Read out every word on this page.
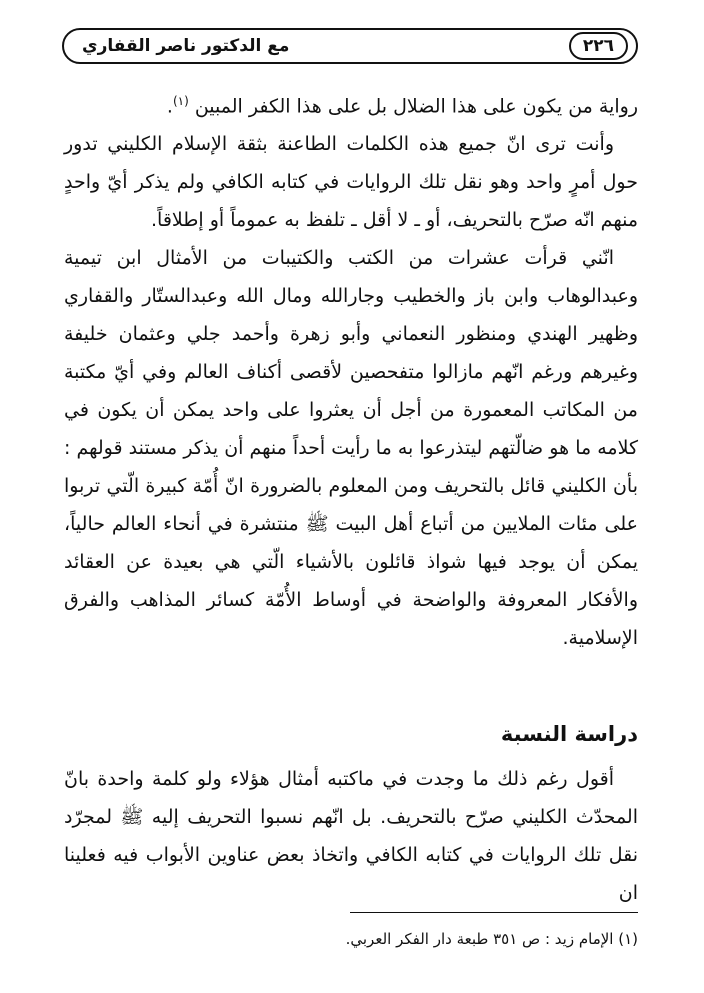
٢٢٦
مع الدكتور ناصر القفاري

رواية من يكون على هذا الضلال بل على هذا الكفر المبين $^{(١)}$.

وأنت ترى انّ جميع هذه الكلمات الطاعنة بثقة الإسلام الكليني تدور حول أمرٍ واحد وهو نقل تلك الروايات في كتابه الكافي ولم يذكر أيّ واحدٍ منهم انّه صرّح بالتحريف، أو ـ لا أقل ـ تلفظ به عموماً أو إطلاقاً.

انّني قرأت عشرات من الكتب والكتيبات من الأمثال ابن تيمية وعبدالوهاب وابن باز والخطيب وجارالله ومال الله وعبدالستّار والقفاري وظهير الهندي ومنظور النعماني وأبو زهرة وأحمد جلي وعثمان خليفة وغيرهم ورغم انّهم مازالوا متفحصين لأقصى أكناف العالم وفي أيّ مكتبة من المكاتب المعمورة من أجل أن يعثروا على واحد يمكن أن يكون في كلامه ما هو ضالّتهم ليتذرعوا به ما رأيت أحداً منهم أن يذكر مستند قولهم : بأن الكليني قائل بالتحريف ومن المعلوم بالضرورة انّ أُمّة كبيرة الّتي تربوا على مئات الملايين من أتباع أهل البيت ﷺ منتشرة في أنحاء العالم حالياً، يمكن أن يوجد فيها شواذ قائلون بالأشياء الّتي هي بعيدة عن العقائد والأفكار المعروفة والواضحة في أوساط الأُمّة كسائر المذاهب والفرق الإسلامية.

دراسة النسبة

أقول رغم ذلك ما وجدت في ماكتبه أمثال هؤلاء ولو كلمة واحدة بانّ المحدّث الكليني صرّح بالتحريف. بل انّهم نسبوا التحريف إليه ﷺ لمجرّد نقل تلك الروايات في كتابه الكافي واتخاذ بعض عناوين الأبواب فيه فعلينا ان

(١) الإمام زيد : ص ٣٥١ طبعة دار الفكر العربي.
